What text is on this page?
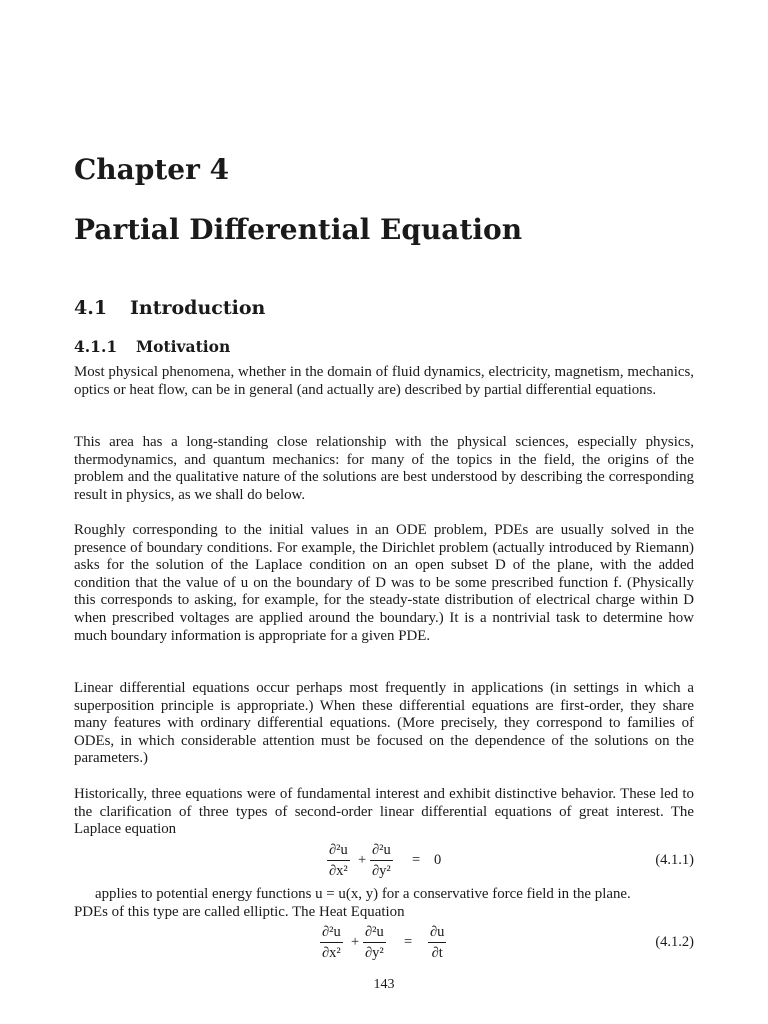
Chapter 4
Partial Differential Equation
4.1 Introduction
4.1.1 Motivation
Most physical phenomena, whether in the domain of fluid dynamics, electricity, magnetism, mechanics, optics or heat flow, can be in general (and actually are) described by partial differential equations.
This area has a long-standing close relationship with the physical sciences, especially physics, thermodynamics, and quantum mechanics: for many of the topics in the field, the origins of the problem and the qualitative nature of the solutions are best understood by describing the corresponding result in physics, as we shall do below.
Roughly corresponding to the initial values in an ODE problem, PDEs are usually solved in the presence of boundary conditions. For example, the Dirichlet problem (actually introduced by Riemann) asks for the solution of the Laplace condition on an open subset D of the plane, with the added condition that the value of u on the boundary of D was to be some prescribed function f. (Physically this corresponds to asking, for example, for the steady-state distribution of electrical charge within D when prescribed voltages are applied around the boundary.) It is a nontrivial task to determine how much boundary information is appropriate for a given PDE.
Linear differential equations occur perhaps most frequently in applications (in settings in which a superposition principle is appropriate.) When these differential equations are first-order, they share many features with ordinary differential equations. (More precisely, they correspond to families of ODEs, in which considerable attention must be focused on the dependence of the solutions on the parameters.)
Historically, three equations were of fundamental interest and exhibit distinctive behavior. These led to the clarification of three types of second-order linear differential equations of great interest. The Laplace equation
$\frac{\text{∂²u}}{\text{∂x²}} + \frac{\text{∂²u}}{\text{∂y²}} = 0$	(4.1.1)
applies to potential energy functions u = u(x, y) for a conservative force field in the plane.
PDEs of this type are called elliptic. The Heat Equation
$\frac{\text{∂²u}}{\text{∂x²}} + \frac{\text{∂²u}}{\text{∂y²}} = \frac{\partial u}{\partial t}$	(4.1.2)
143
